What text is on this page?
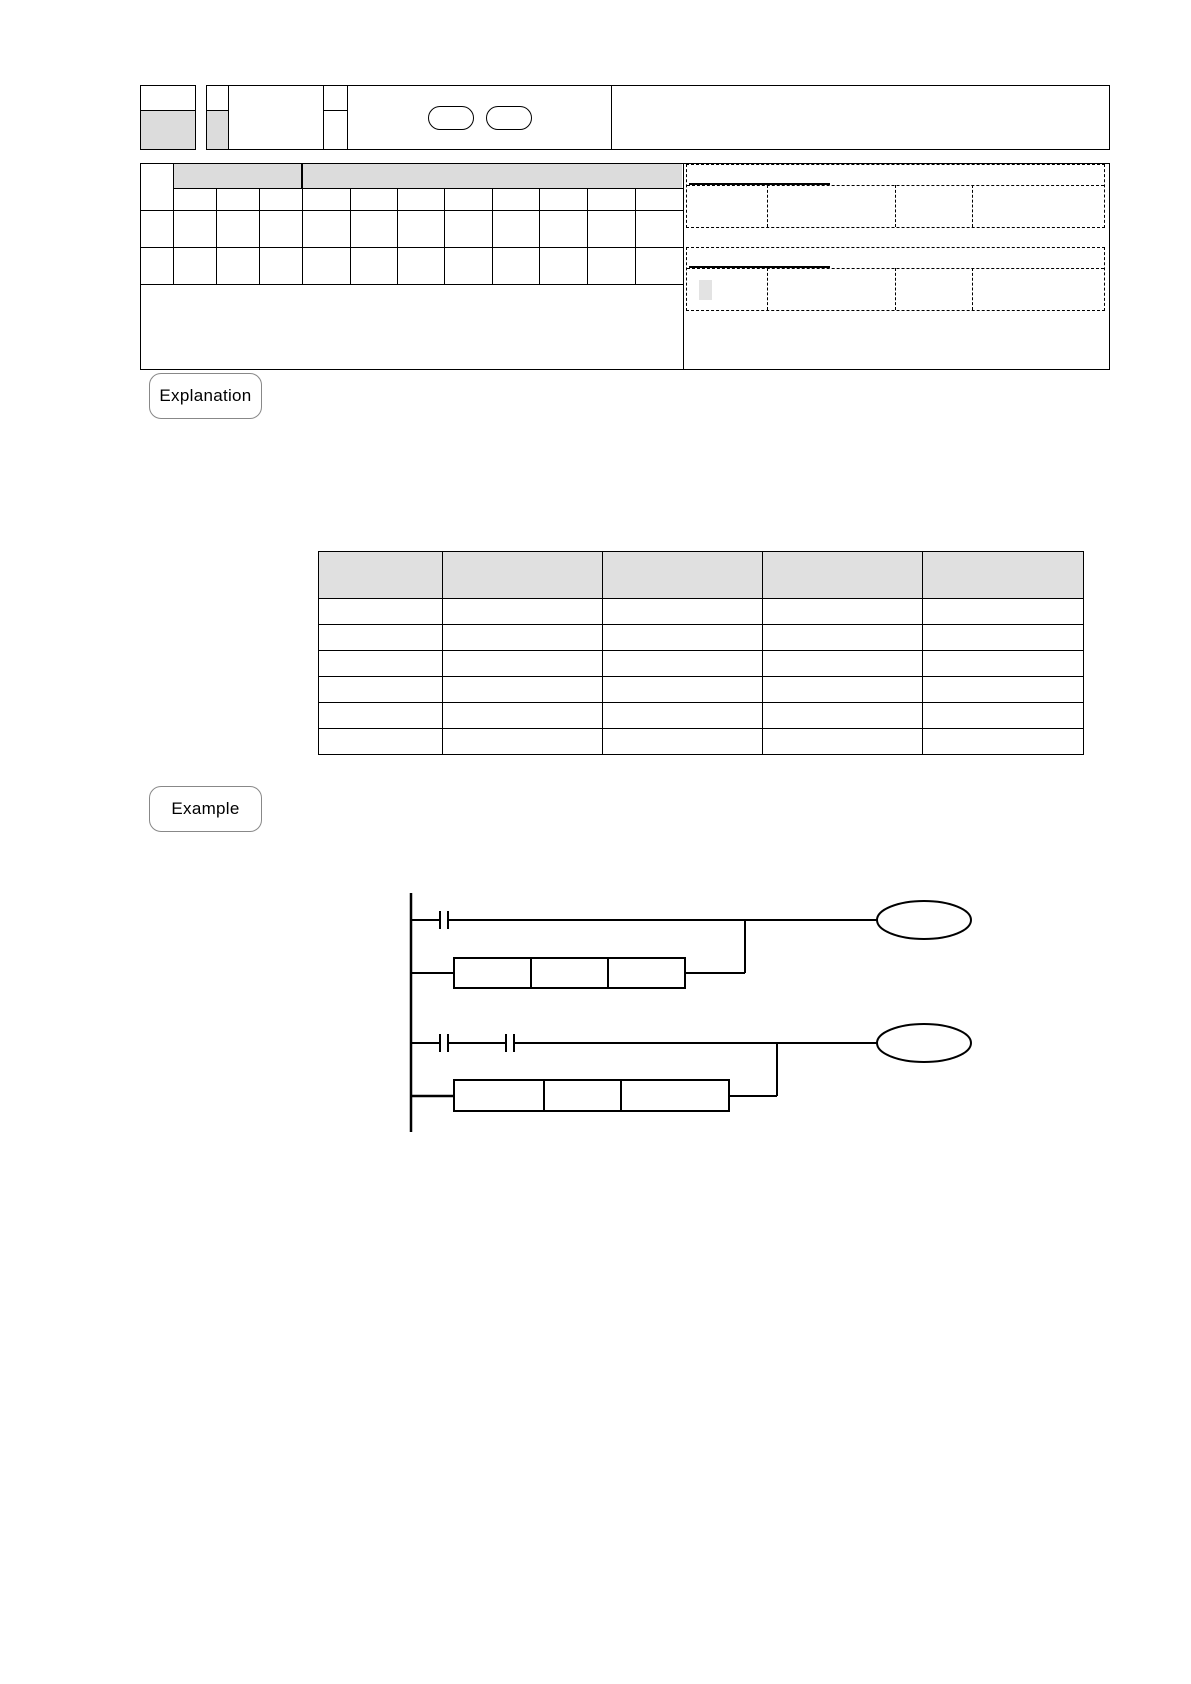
Explanation

Example
